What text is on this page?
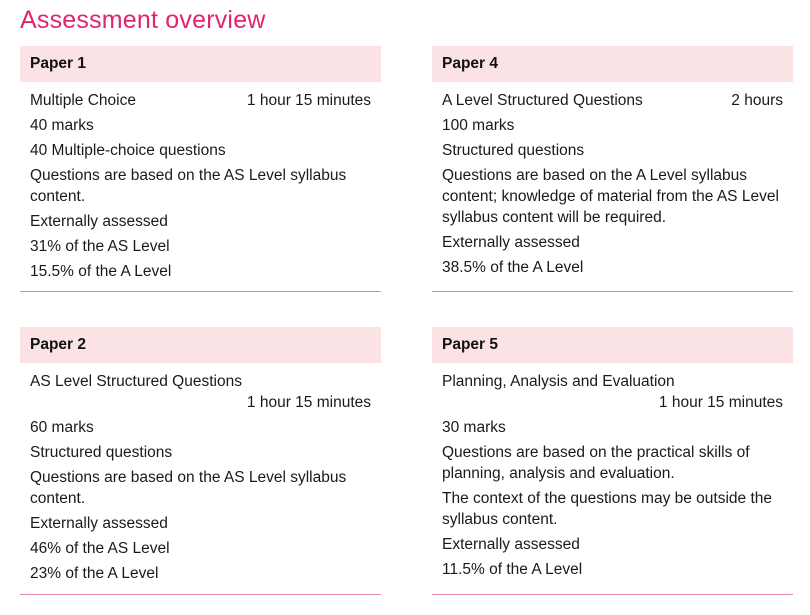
Assessment overview
Paper 1
Multiple Choice	1 hour 15 minutes
40 marks
40 Multiple-choice questions
Questions are based on the AS Level syllabus content.
Externally assessed
31% of the AS Level
15.5% of the A Level
Paper 4
A Level Structured Questions	2 hours
100 marks
Structured questions
Questions are based on the A Level syllabus content; knowledge of material from the AS Level syllabus content will be required.
Externally assessed
38.5% of the A Level
Paper 2
AS Level Structured Questions
1 hour 15 minutes
60 marks
Structured questions
Questions are based on the AS Level syllabus content.
Externally assessed
46% of the AS Level
23% of the A Level
Paper 5
Planning, Analysis and Evaluation
1 hour 15 minutes
30 marks
Questions are based on the practical skills of planning, analysis and evaluation.
The context of the questions may be outside the syllabus content.
Externally assessed
11.5% of the A Level
